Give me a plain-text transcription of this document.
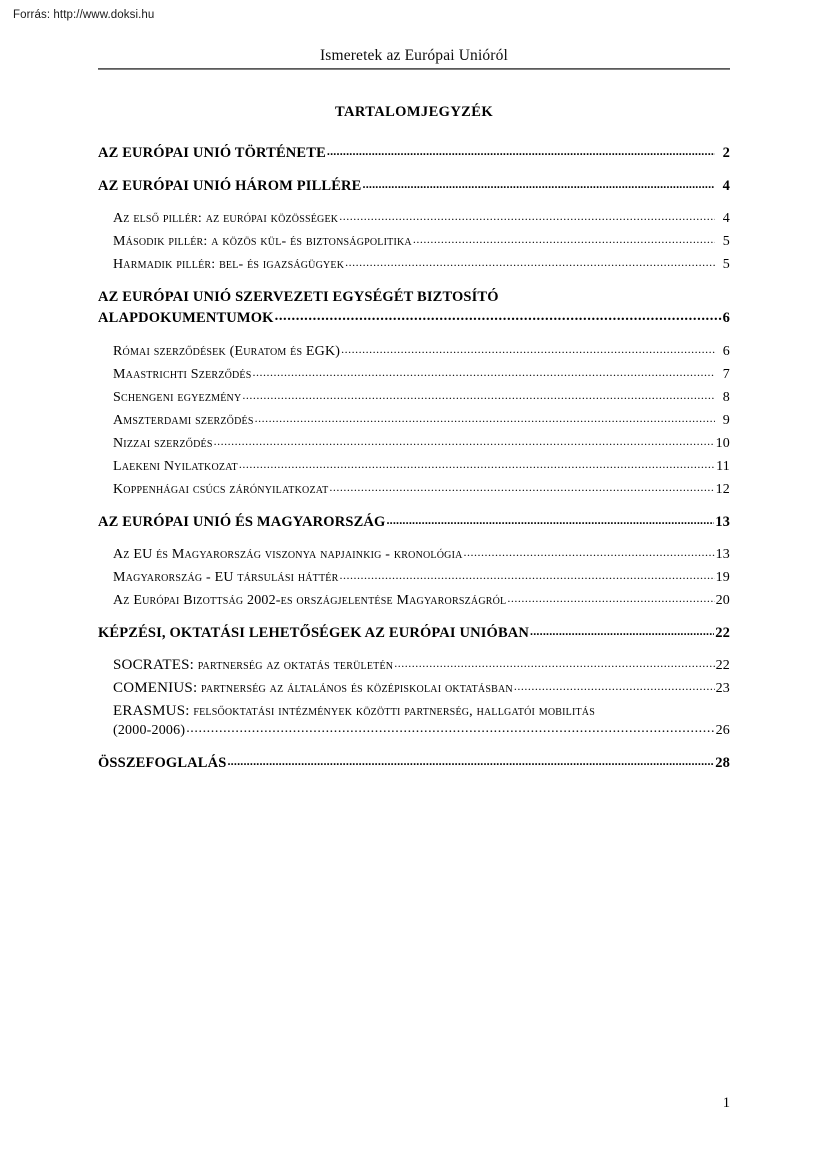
Forrás: http://www.doksi.hu
Ismeretek az Európai Unióról
TARTALOMJEGYZÉK
AZ EURÓPAI UNIÓ TÖRTÉNETE .....	2
AZ EURÓPAI UNIÓ HÁROM PILLÉRE .....	4
Az első pillér: az európai közösségek .....	4
Második pillér: a közös kül- és biztonságpolitika .....	5
Harmadik pillér: bel- és igazságügyek .....	5
AZ EURÓPAI UNIÓ SZERVEZETI EGYSÉGÉT BIZTOSÍTÓ
ALAPDOKUMENTUMOK .....	6
Római szerződések (Euratom és EGK) .....	6
Maastrichti Szerződés .....	7
Schengeni egyezmény .....	8
Amszterdami szerződés .....	9
Nizzai szerződés .....	10
Laekeni Nyilatkozat .....	11
Koppenhágai csúcs zárónyilatkozat .....	12
AZ EURÓPAI UNIÓ ÉS MAGYARORSZÁG .....	13
Az EU és Magyarország viszonya napjainkig - kronológia .....	13
Magyarország - EU társulási háttér .....	19
Az Európai Bizottság 2002-es országjelentése Magyarországról .....	20
KÉPZÉSI, OKTATÁSI LEHETŐSÉGEK AZ EURÓPAI UNIÓBAN .....	22
SOCRATES: partnerség az oktatás területén .....	22
COMENIUS: partnerség az általános és középiskolai oktatásban .....	23
ERASMUS: felsőoktatási intézmények közötti partnerség, hallgatói mobilitás
(2000-2006) .....	26
ÖSSZEFOGLALÁS .....	28
1
